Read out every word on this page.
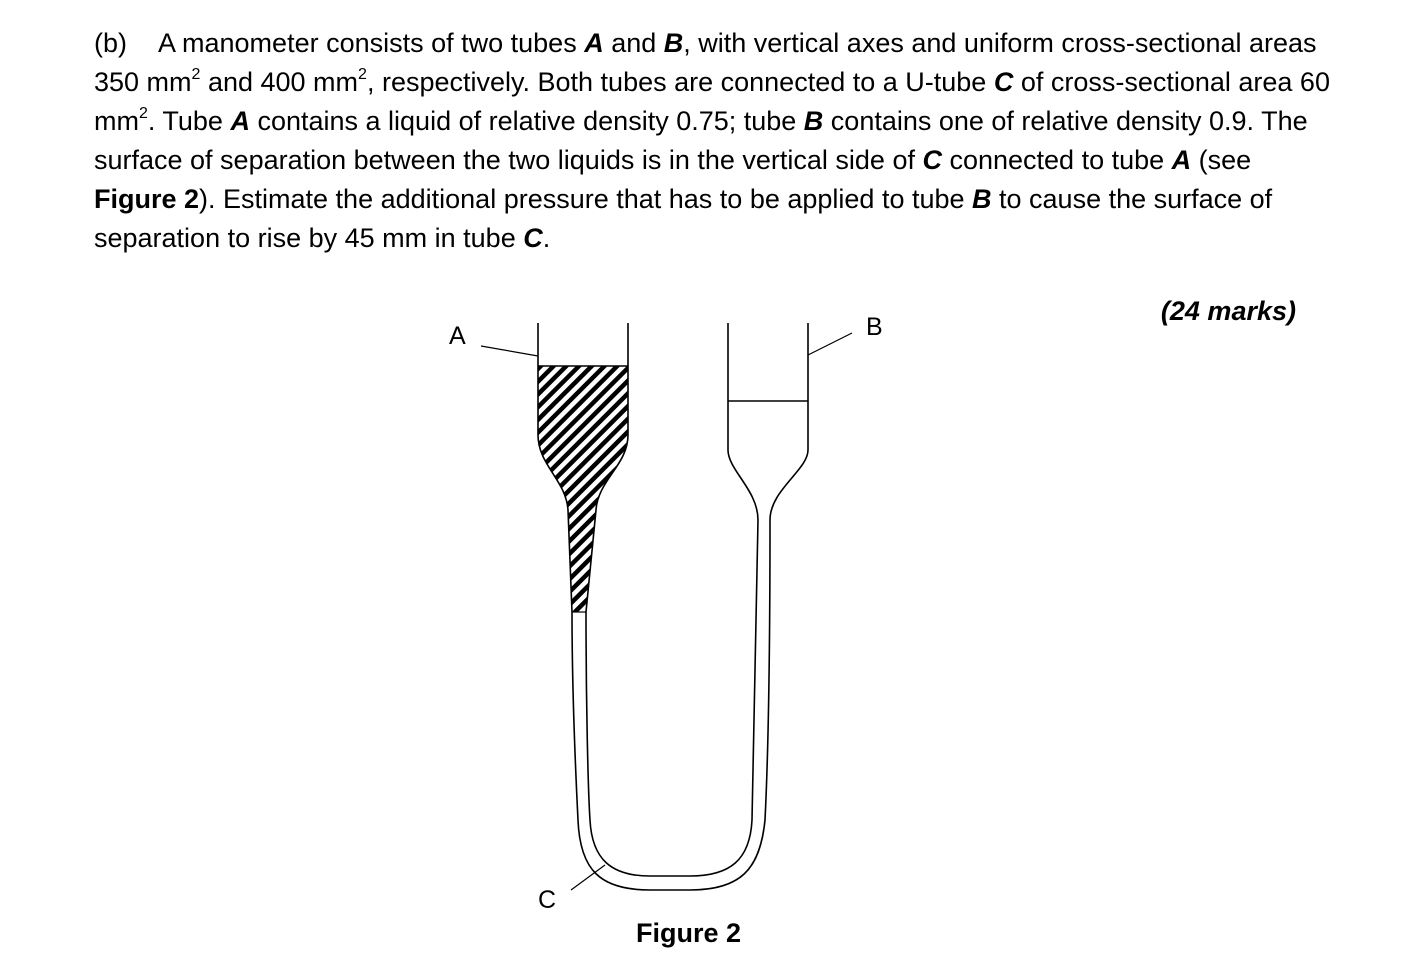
(b) A manometer consists of two tubes A and B, with vertical axes and uniform cross-sectional areas 350 $mm^2$ and 400 $mm^2$, respectively. Both tubes are connected to a U-tube C of cross-sectional area 60 $mm^2$. Tube A contains a liquid of relative density 0.75; tube B contains one of relative density 0.9. The surface of separation between the two liquids is in the vertical side of C connected to tube A (see Figure 2). Estimate the additional pressure that has to be applied to tube B to cause the surface of separation to rise by 45 mm in tube C.
(24 marks)
A	B
C
Figure 2
